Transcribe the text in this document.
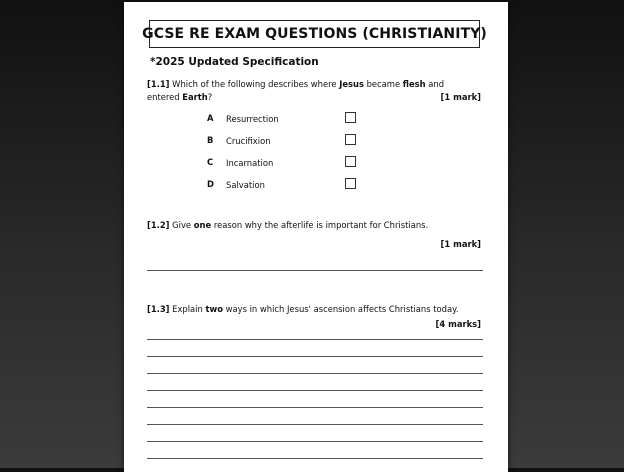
GCSE RE EXAM QUESTIONS (CHRISTIANITY)
*2025 Updated Specification
[1.1] Which of the following describes where Jesus became flesh and
entered Earth?	[1 mark]
A Resurrection
B Crucifixion
C Incarnation
D Salvation
[1.2] Give one reason why the afterlife is important for Christians.
[1 mark]
[1.3] Explain two ways in which Jesus' ascension affects Christians today.
[4 marks]
